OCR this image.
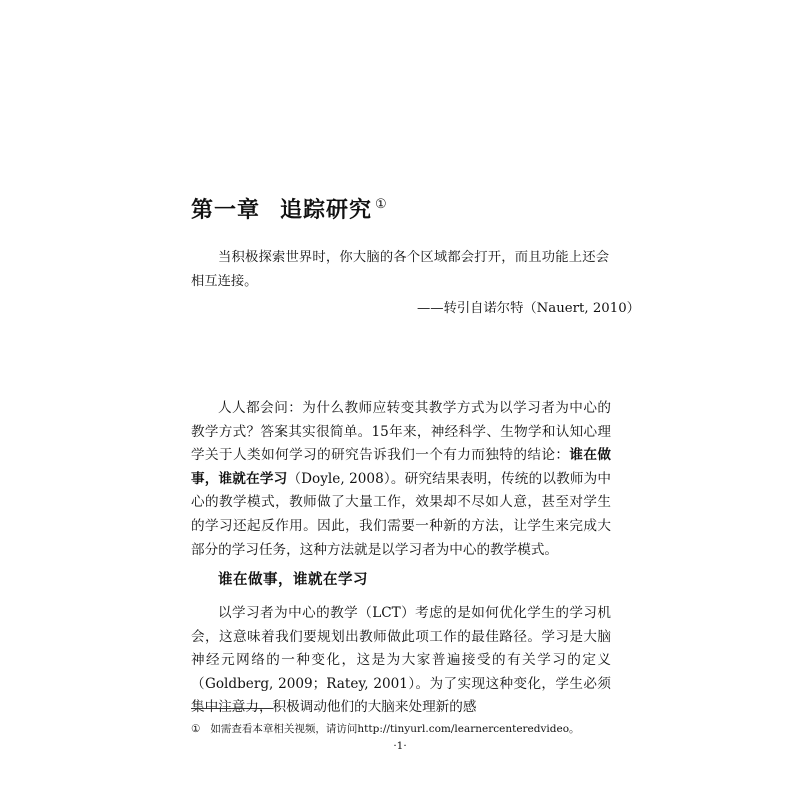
第一章 追踪研究 ①

当积极探索世界时，你大脑的各个区域都会打开，而且功能上还会相互连接。

——转引自诺尔特（Nauert, 2010）

人人都会问：为什么教师应转变其教学方式为以学习者为中心的教学方式？答案其实很简单。15年来，神经科学、生物学和认知心理学关于人类如何学习的研究告诉我们一个有力而独特的结论：谁在做事，谁就在学习（Doyle, 2008）。研究结果表明，传统的以教师为中心的教学模式，教师做了大量工作，效果却不尽如人意，甚至对学生的学习还起反作用。因此，我们需要一种新的方法，让学生来完成大部分的学习任务，这种方法就是以学习者为中心的教学模式。

谁在做事，谁就在学习

以学习者为中心的教学（LCT）考虑的是如何优化学生的学习机会，这意味着我们要规划出教师做此项工作的最佳路径。学习是大脑神经元网络的一种变化，这是为大家普遍接受的有关学习的定义（Goldberg, 2009；Ratey, 2001）。为了实现这种变化，学生必须集中注意力，积极调动他们的大脑来处理新的感

① 如需查看本章相关视频，请访问http://tinyurl.com/learnercenteredvideo。
·1·
